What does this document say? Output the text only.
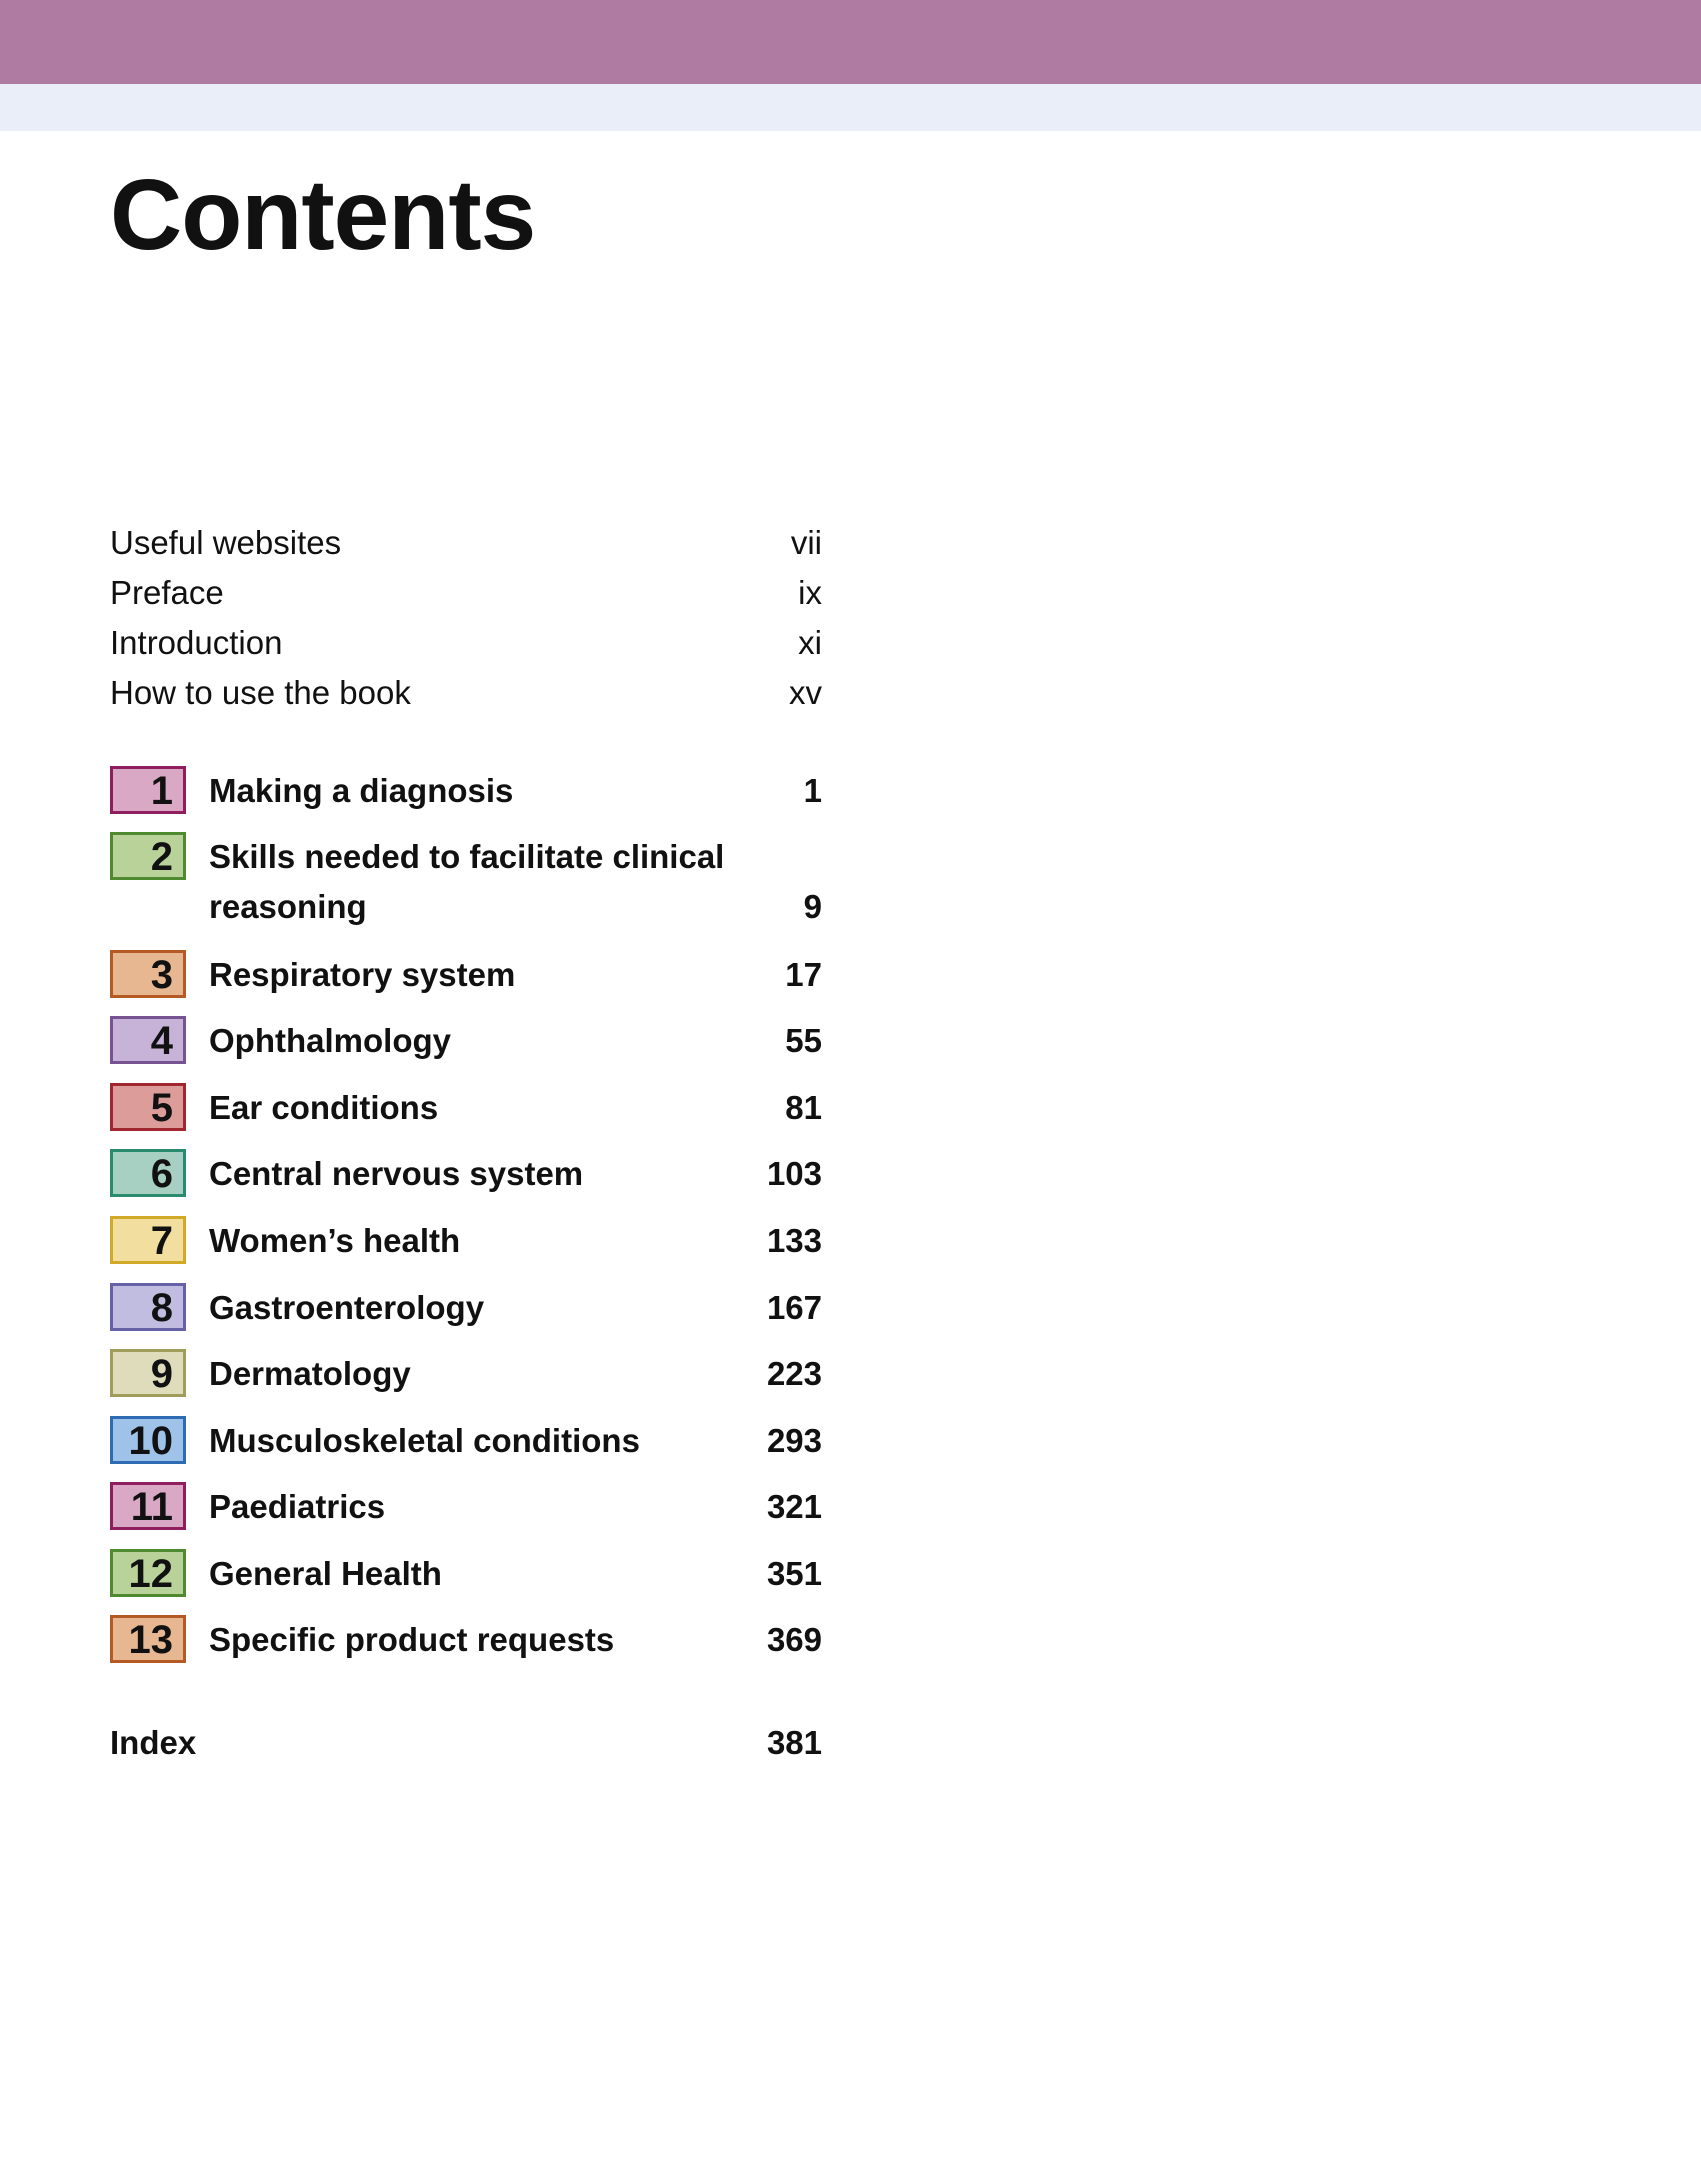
Contents
Useful websites	vii
Preface	ix
Introduction	xi
How to use the book	xv
1	Making a diagnosis	1
2	Skills needed to facilitate clinical reasoning	9
3	Respiratory system	17
4	Ophthalmology	55
5	Ear conditions	81
6	Central nervous system	103
7	Women’s health	133
8	Gastroenterology	167
9	Dermatology	223
10	Musculoskeletal conditions	293
11	Paediatrics	321
12	General Health	351
13	Specific product requests	369
Index	381
